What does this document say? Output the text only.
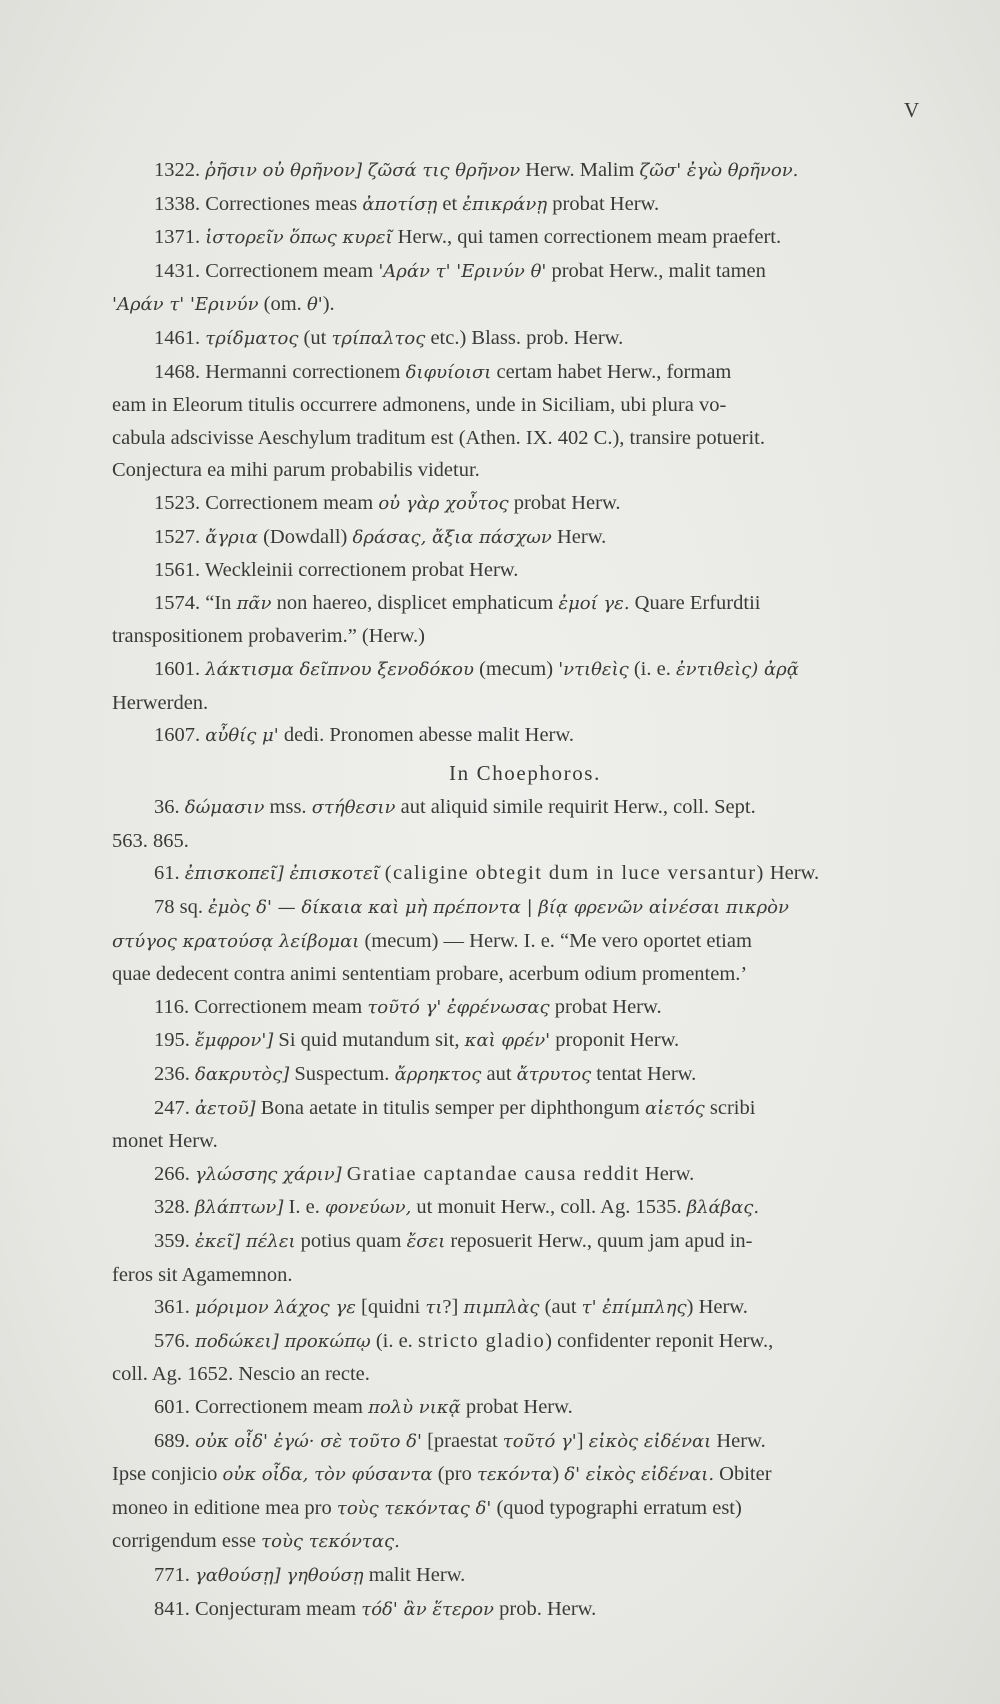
V
1322. ῥῆσιν οὐ θρῆνον] ζῶσά τις θρῆνον Herw. Malim ζῶσ' ἐγὼ θρῆνον.
1338. Correctiones meas ἀποτίσῃ et ἐπικράνῃ probat Herw.
1371. ἱστορεῖν ὅπως κυρεῖ Herw., qui tamen correctionem meam praefert.
1431. Correctionem meam 'Αράν τ' 'Ερινύν θ' probat Herw., malit tamen
'Αράν τ' 'Ερινύν (om. θ').
1461. τρίδματος (ut τρίπαλτος etc.) Blass. prob. Herw.
1468. Hermanni correctionem διφυίοισι certam habet Herw., formam
eam in Eleorum titulis occurrere admonens, unde in Siciliam, ubi plura vo-
cabula adscivisse Aeschylum traditum est (Athen. IX. 402 C.), transire potuerit.
Conjectura ea mihi parum probabilis videtur.
1523. Correctionem meam οὐ γὰρ χοὖτος probat Herw.
1527. ἄγρια (Dowdall) δράσας, ἄξια πάσχων Herw.
1561. Weckleinii correctionem probat Herw.
1574. “In πᾶν non haereo, displicet emphaticum ἐμοί γε. Quare Erfurdtii
transpositionem probaverim.” (Herw.)
1601. λάκτισμα δεῖπνου ξενοδόκου (mecum) 'ντιθεὶς (i. e. ἐντιθεὶς) ἀρᾷ
Herwerden.
1607. αὖθίς μ' dedi. Pronomen abesse malit Herw.
In Choephoros.
36. δώμασιν mss. στήθεσιν aut aliquid simile requirit Herw., coll. Sept.
563. 865.
61. ἐπισκοπεῖ] ἐπισκοτεῖ (caligine obtegit dum in luce versantur) Herw.
78 sq. ἐμὸς δ' — δίκαια καὶ μὴ πρέποντα | βίᾳ φρενῶν αἰνέσαι πικρὸν
στύγος κρατούσᾳ λείβομαι (mecum) — Herw. I. e. “Me vero oportet etiam
quae dedecent contra animi sententiam probare, acerbum odium promentem.’
116. Correctionem meam τοῦτό γ' ἐφρένωσας probat Herw.
195. ἔμφρον'] Si quid mutandum sit, καὶ φρέν' proponit Herw.
236. δακρυτὸς] Suspectum. ἄρρηκτος aut ἄτρυτος tentat Herw.
247. ἀετοῦ] Bona aetate in titulis semper per diphthongum αἰετός scribi
monet Herw.
266. γλώσσης χάριν] Gratiae captandae causa reddit Herw.
328. βλάπτων] I. e. φονεύων, ut monuit Herw., coll. Ag. 1535. βλάβας.
359. ἐκεῖ] πέλει potius quam ἔσει reposuerit Herw., quum jam apud in-
feros sit Agamemnon.
361. μόριμον λάχος γε [quidni τι?] πιμπλὰς (aut τ' ἐπίμπλης) Herw.
576. ποδώκει] προκώπῳ (i. e. stricto gladio) confidenter reponit Herw.,
coll. Ag. 1652. Nescio an recte.
601. Correctionem meam πολὺ νικᾷ probat Herw.
689. οὐκ οἶδ' ἐγώ· σὲ τοῦτο δ' [praestat τοῦτό γ'] εἰκὸς εἰδέναι Herw.
Ipse conjicio οὐκ οἶδα, τὸν φύσαντα (pro τεκόντα) δ' εἰκὸς εἰδέναι. Obiter
moneo in editione mea pro τοὺς τεκόντας δ' (quod typographi erratum est)
corrigendum esse τοὺς τεκόντας.
771. γαθούσῃ] γηθούσῃ malit Herw.
841. Conjecturam meam τόδ' ἂν ἕτερον prob. Herw.
